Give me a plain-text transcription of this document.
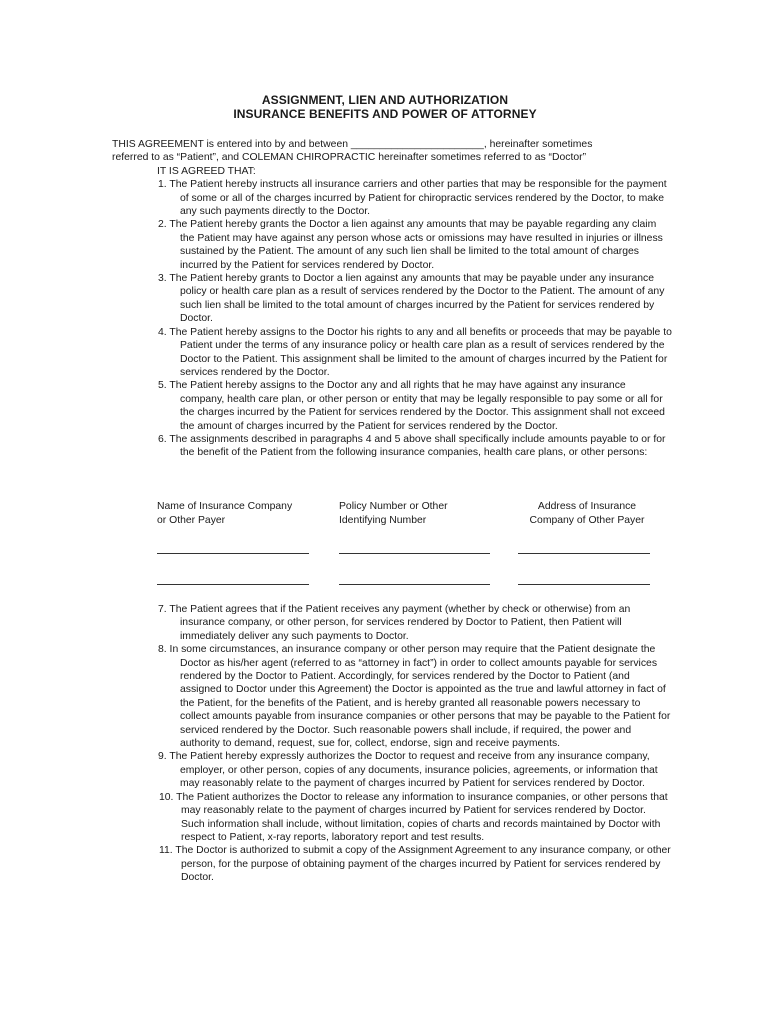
ASSIGNMENT, LIEN AND AUTHORIZATION
INSURANCE BENEFITS AND POWER OF ATTORNEY

THIS AGREEMENT is entered into by and between _______________________, hereinafter sometimes

referred to as “Patient”, and COLEMAN CHIROPRACTIC hereinafter sometimes referred to as “Doctor”

IT IS AGREED THAT:

1. The Patient hereby instructs all insurance carriers and other parties that may be responsible for the payment of some or all of the charges incurred by Patient for chiropractic services rendered by the Doctor, to make any such payments directly to the Doctor.
2. The Patient hereby grants the Doctor a lien against any amounts that may be payable regarding any claim the Patient may have against any person whose acts or omissions may have resulted in injuries or illness sustained by the Patient. The amount of any such lien shall be limited to the total amount of charges incurred by the Patient for services rendered by Doctor.
3. The Patient hereby grants to Doctor a lien against any amounts that may be payable under any insurance policy or health care plan as a result of services rendered by the Doctor to the Patient. The amount of any such lien shall be limited to the total amount of charges incurred by the Patient for services rendered by Doctor.
4. The Patient hereby assigns to the Doctor his rights to any and all benefits or proceeds that may be payable to Patient under the terms of any insurance policy or health care plan as a result of services rendered by the Doctor to the Patient. This assignment shall be limited to the amount of charges incurred by the Patient for services rendered by the Doctor.
5. The Patient hereby assigns to the Doctor any and all rights that he may have against any insurance company, health care plan, or other person or entity that may be legally responsible to pay some or all for the charges incurred by the Patient for services rendered by the Doctor. This assignment shall not exceed the amount of charges incurred by the Patient for services rendered by the Doctor.
6. The assignments described in paragraphs 4 and 5 above shall specifically include amounts payable to or for the benefit of the Patient from the following insurance companies, health care plans, or other persons:
Name of Insurance Company
or Other Payer
Policy Number or Other
Identifying Number
Address of Insurance
Company of Other Payer
7. The Patient agrees that if the Patient receives any payment (whether by check or otherwise) from an insurance company, or other person, for services rendered by Doctor to Patient, then Patient will immediately deliver any such payments to Doctor.
8. In some circumstances, an insurance company or other person may require that the Patient designate the Doctor as his/her agent (referred to as “attorney in fact”) in order to collect amounts payable for services rendered by the Doctor to Patient. Accordingly, for services rendered by the Doctor to Patient (and assigned to Doctor under this Agreement) the Doctor is appointed as the true and lawful attorney in fact of the Patient, for the benefits of the Patient, and is hereby granted all reasonable powers necessary to collect amounts payable from insurance companies or other persons that may be payable to the Patient for serviced rendered by the Doctor. Such reasonable powers shall include, if required, the power and authority to demand, request, sue for, collect, endorse, sign and receive payments.
9. The Patient hereby expressly authorizes the Doctor to request and receive from any insurance company, employer, or other person, copies of any documents, insurance policies, agreements, or information that may reasonably relate to the payment of charges incurred by Patient for services rendered by Doctor.
10. The Patient authorizes the Doctor to release any information to insurance companies, or other persons that may reasonably relate to the payment of charges incurred by Patient for services rendered by Doctor. Such information shall include, without limitation, copies of charts and records maintained by Doctor with respect to Patient, x-ray reports, laboratory report and test results.
11. The Doctor is authorized to submit a copy of the Assignment Agreement to any insurance company, or other person, for the purpose of obtaining payment of the charges incurred by Patient for services rendered by Doctor.
